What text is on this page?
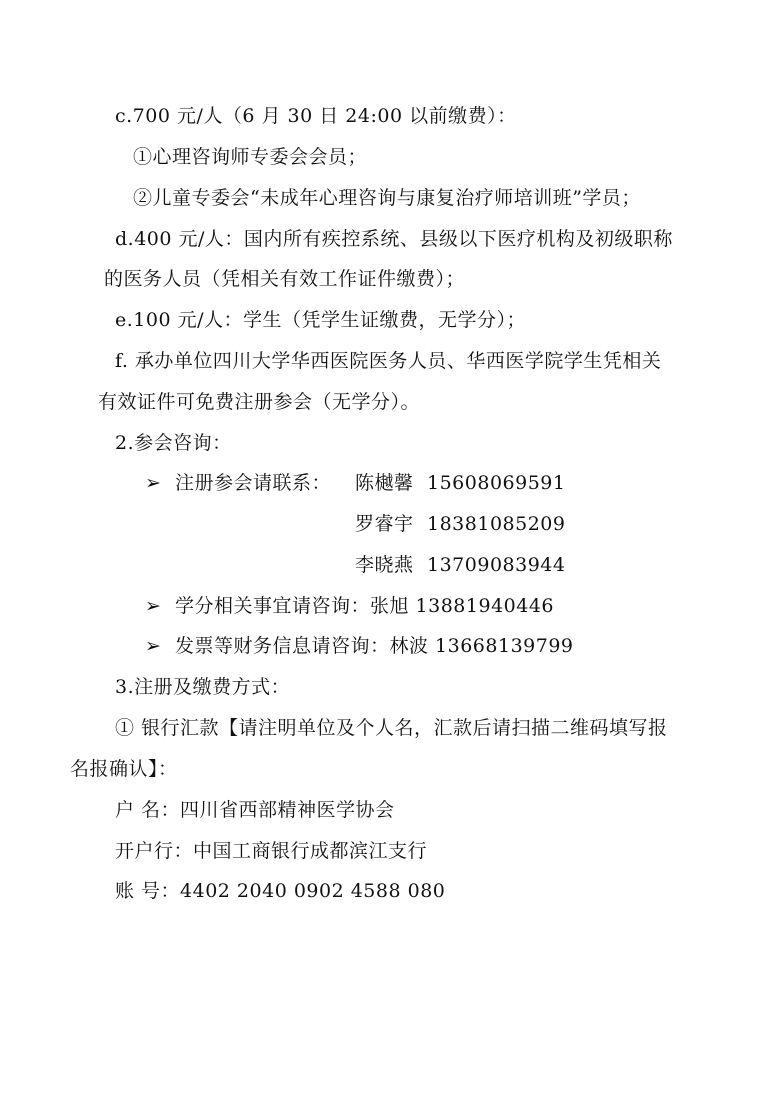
c.700 元/人（6 月 30 日 24:00 以前缴费）：
①心理咨询师专委会会员；
②儿童专委会“未成年心理咨询与康复治疗师培训班”学员；
d.400 元/人：国内所有疾控系统、县级以下医疗机构及初级职称
的医务人员（凭相关有效工作证件缴费）；
e.100 元/人：学生（凭学生证缴费，无学分）；
f. 承办单位四川大学华西医院医务人员、华西医学院学生凭相关
有效证件可免费注册参会（无学分）。
2.参会咨询：
➢ 注册参会请联系： 陈樾馨 15608069591
罗睿宇 18381085209
李晓燕 13709083944
➢ 学分相关事宜请咨询：张旭 13881940446
➢ 发票等财务信息请咨询：林波 13668139799
3.注册及缴费方式：
① 银行汇款【请注明单位及个人名，汇款后请扫描二维码填写报
名报确认】：
户 名：四川省西部精神医学协会
开户行：中国工商银行成都滨江支行
账 号：4402 2040 0902 4588 080
